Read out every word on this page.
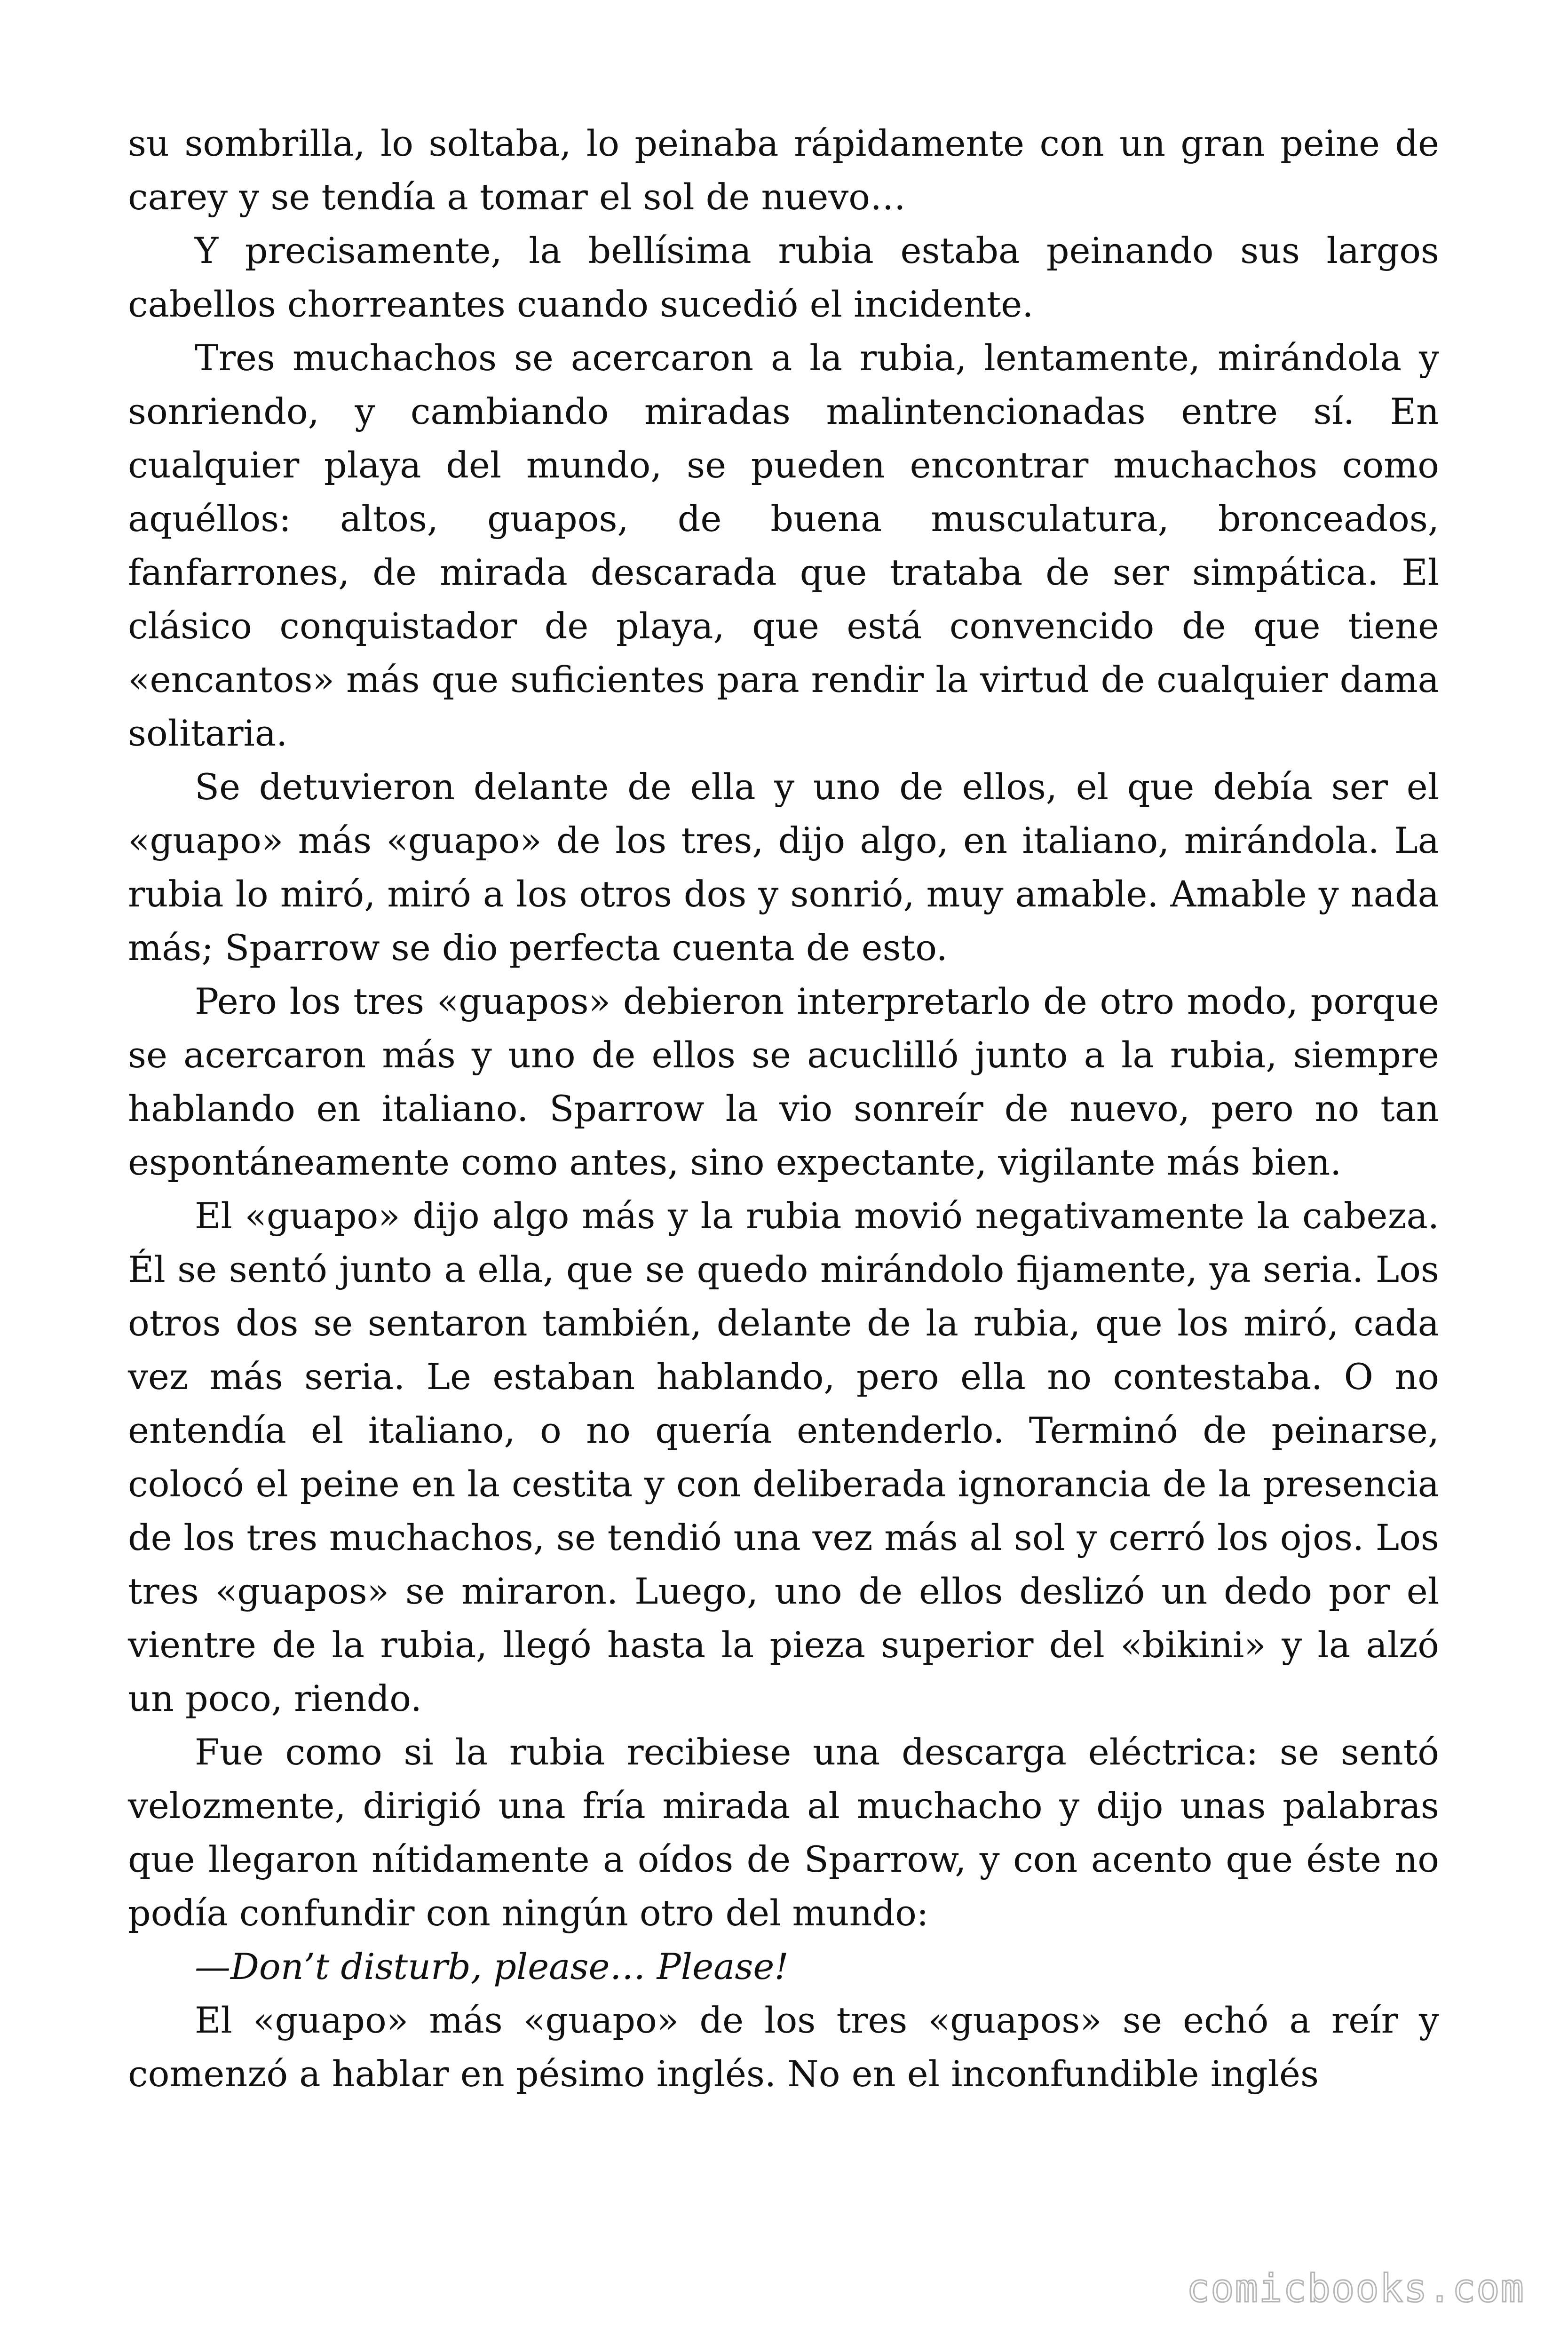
su sombrilla, lo soltaba, lo peinaba rápidamente con un gran peine de carey y se tendía a tomar el sol de nuevo…

Y precisamente, la bellísima rubia estaba peinando sus largos cabellos chorreantes cuando sucedió el incidente.

Tres muchachos se acercaron a la rubia, lentamente, mirándola y sonriendo, y cambiando miradas malintencionadas entre sí. En cualquier playa del mundo, se pueden encontrar muchachos como aquéllos: altos, guapos, de buena musculatura, bronceados, fanfarrones, de mirada descarada que trataba de ser simpática. El clásico conquistador de playa, que está convencido de que tiene «encantos» más que suficientes para rendir la virtud de cualquier dama solitaria.

Se detuvieron delante de ella y uno de ellos, el que debía ser el «guapo» más «guapo» de los tres, dijo algo, en italiano, mirándola. La rubia lo miró, miró a los otros dos y sonrió, muy amable. Amable y nada más; Sparrow se dio perfecta cuenta de esto.

Pero los tres «guapos» debieron interpretarlo de otro modo, porque se acercaron más y uno de ellos se acuclilló junto a la rubia, siempre hablando en italiano. Sparrow la vio sonreír de nuevo, pero no tan espontáneamente como antes, sino expectante, vigilante más bien.

El «guapo» dijo algo más y la rubia movió negativamente la cabeza. Él se sentó junto a ella, que se quedo mirándolo fijamente, ya seria. Los otros dos se sentaron también, delante de la rubia, que los miró, cada vez más seria. Le estaban hablando, pero ella no contestaba. O no entendía el italiano, o no quería entenderlo. Terminó de peinarse, colocó el peine en la cestita y con deliberada ignorancia de la presencia de los tres muchachos, se tendió una vez más al sol y cerró los ojos. Los tres «guapos» se miraron. Luego, uno de ellos deslizó un dedo por el vientre de la rubia, llegó hasta la pieza superior del «bikini» y la alzó un poco, riendo.

Fue como si la rubia recibiese una descarga eléctrica: se sentó velozmente, dirigió una fría mirada al muchacho y dijo unas palabras que llegaron nítidamente a oídos de Sparrow, y con acento que éste no podía confundir con ningún otro del mundo:

—Don’t disturb, please… Please!

El «guapo» más «guapo» de los tres «guapos» se echó a reír y comenzó a hablar en pésimo inglés. No en el inconfundible inglés

comicbooks.com
